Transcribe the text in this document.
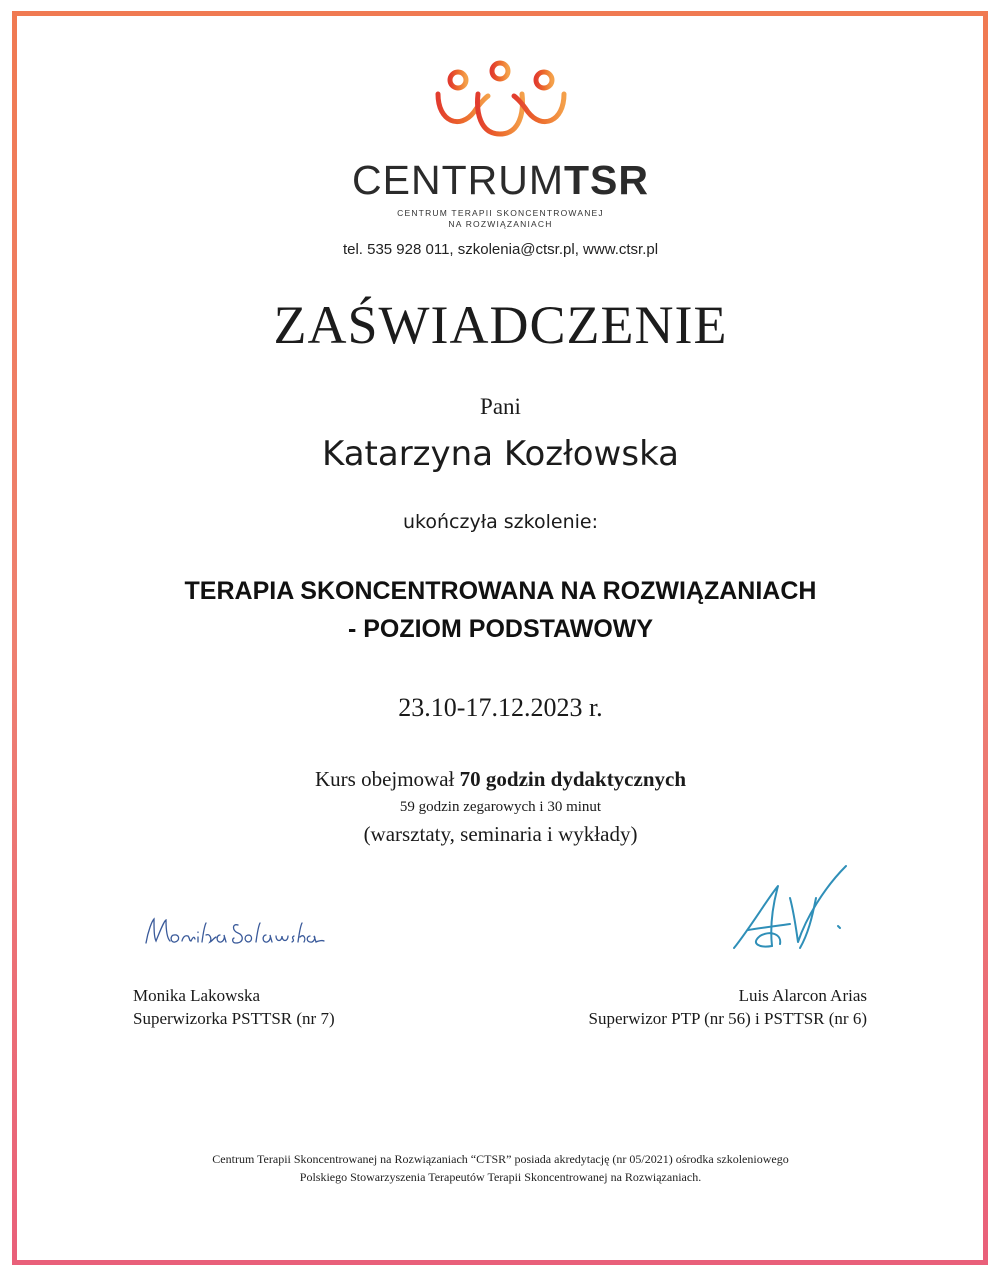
CENTRUMTSR
CENTRUM TERAPII SKONCENTROWANEJ
NA ROZWIĄZANIACH
tel. 535 928 011, szkolenia@ctsr.pl, www.ctsr.pl
ZAŚWIADCZENIE
Pani
Katarzyna Kozłowska
ukończyła szkolenie:
TERAPIA SKONCENTROWANA NA ROZWIĄZANIACH
- POZIOM PODSTAWOWY
23.10-17.12.2023 r.
Kurs obejmował 70 godzin dydaktycznych
59 godzin zegarowych i 30 minut
(warsztaty, seminaria i wykłady)
Monika Lakowska
Superwizorka PSTTSR (nr 7)
Luis Alarcon Arias
Superwizor PTP (nr 56) i PSTTSR (nr 6)
Centrum Terapii Skoncentrowanej na Rozwiązaniach “CTSR” posiada akredytację (nr 05/2021) ośrodka szkoleniowego
Polskiego Stowarzyszenia Terapeutów Terapii Skoncentrowanej na Rozwiązaniach.
